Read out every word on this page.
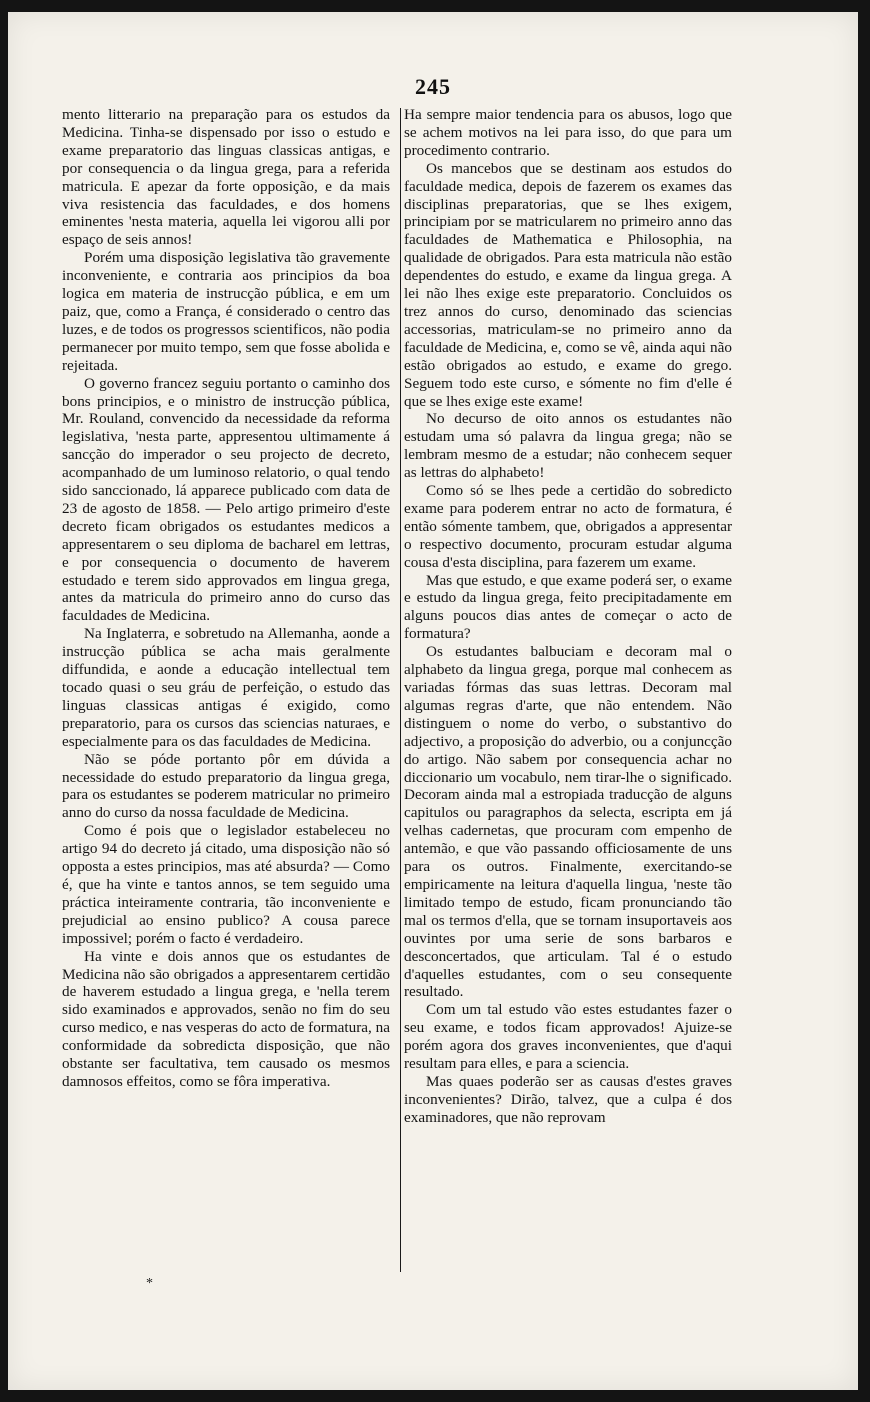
245

mento litterario na preparação para os estudos da Medicina. Tinha-se dispensado por isso o estudo e exame preparatorio das linguas classicas antigas, e por consequencia o da lingua grega, para a referida matricula. E apezar da forte opposição, e da mais viva resistencia das faculdades, e dos homens eminentes 'nesta materia, aquella lei vigorou alli por espaço de seis annos!

Porém uma disposição legislativa tão gravemente inconveniente, e contraria aos principios da boa logica em materia de instrucção pública, e em um paiz, que, como a França, é considerado o centro das luzes, e de todos os progressos scientificos, não podia permanecer por muito tempo, sem que fosse abolida e rejeitada.

O governo francez seguiu portanto o caminho dos bons principios, e o ministro de instrucção pública, Mr. Rouland, convencido da necessidade da reforma legislativa, 'nesta parte, appresentou ultimamente á sancção do imperador o seu projecto de decreto, acompanhado de um luminoso relatorio, o qual tendo sido sanccionado, lá apparece publicado com data de 23 de agosto de 1858. — Pelo artigo primeiro d'este decreto ficam obrigados os estudantes medicos a appresentarem o seu diploma de bacharel em lettras, e por consequencia o documento de haverem estudado e terem sido approvados em lingua grega, antes da matricula do primeiro anno do curso das faculdades de Medicina.

Na Inglaterra, e sobretudo na Allemanha, aonde a instrucção pública se acha mais geralmente diffundida, e aonde a educação intellectual tem tocado quasi o seu gráu de perfeição, o estudo das linguas classicas antigas é exigido, como preparatorio, para os cursos das sciencias naturaes, e especialmente para os das faculdades de Medicina.

Não se póde portanto pôr em dúvida a necessidade do estudo preparatorio da lingua grega, para os estudantes se poderem matricular no primeiro anno do curso da nossa faculdade de Medicina.

Como é pois que o legislador estabeleceu no artigo 94 do decreto já citado, uma disposição não só opposta a estes principios, mas até absurda? — Como é, que ha vinte e tantos annos, se tem seguido uma práctica inteiramente contraria, tão inconveniente e prejudicial ao ensino publico? A cousa parece impossivel; porém o facto é verdadeiro.

Ha vinte e dois annos que os estudantes de Medicina não são obrigados a appresentarem certidão de haverem estudado a lingua grega, e 'nella terem sido examinados e approvados, senão no fim do seu curso medico, e nas vesperas do acto de formatura, na conformidade da sobredicta disposição, que não obstante ser facultativa, tem causado os mesmos damnosos effeitos, como se fôra imperativa.

Ha sempre maior tendencia para os abusos, logo que se achem motivos na lei para isso, do que para um procedimento contrario.

Os mancebos que se destinam aos estudos do faculdade medica, depois de fazerem os exames das disciplinas preparatorias, que se lhes exigem, principiam por se matricularem no primeiro anno das faculdades de Mathematica e Philosophia, na qualidade de obrigados. Para esta matricula não estão dependentes do estudo, e exame da lingua grega. A lei não lhes exige este preparatorio. Concluidos os trez annos do curso, denominado das sciencias accessorias, matriculam-se no primeiro anno da faculdade de Medicina, e, como se vê, ainda aqui não estão obrigados ao estudo, e exame do grego. Seguem todo este curso, e sómente no fim d'elle é que se lhes exige este exame!

No decurso de oito annos os estudantes não estudam uma só palavra da lingua grega; não se lembram mesmo de a estudar; não conhecem sequer as lettras do alphabeto!

Como só se lhes pede a certidão do sobredicto exame para poderem entrar no acto de formatura, é então sómente tambem, que, obrigados a appresentar o respectivo documento, procuram estudar alguma cousa d'esta disciplina, para fazerem um exame.

Mas que estudo, e que exame poderá ser, o exame e estudo da lingua grega, feito precipitadamente em alguns poucos dias antes de começar o acto de formatura?

Os estudantes balbuciam e decoram mal o alphabeto da lingua grega, porque mal conhecem as variadas fórmas das suas lettras. Decoram mal algumas regras d'arte, que não entendem. Não distinguem o nome do verbo, o substantivo do adjectivo, a proposição do adverbio, ou a conjuncção do artigo. Não sabem por consequencia achar no diccionario um vocabulo, nem tirar-lhe o significado. Decoram ainda mal a estropiada traducção de alguns capitulos ou paragraphos da selecta, escripta em já velhas cadernetas, que procuram com empenho de antemão, e que vão passando officiosamente de uns para os outros. Finalmente, exercitando-se empiricamente na leitura d'aquella lingua, 'neste tão limitado tempo de estudo, ficam pronunciando tão mal os termos d'ella, que se tornam insuportaveis aos ouvintes por uma serie de sons barbaros e desconcertados, que articulam. Tal é o estudo d'aquelles estudantes, com o seu consequente resultado.

Com um tal estudo vão estes estudantes fazer o seu exame, e todos ficam approvados! Ajuize-se porém agora dos graves inconvenientes, que d'aqui resultam para elles, e para a sciencia.

Mas quaes poderão ser as causas d'estes graves inconvenientes? Dirão, talvez, que a culpa é dos examinadores, que não reprovam

*
